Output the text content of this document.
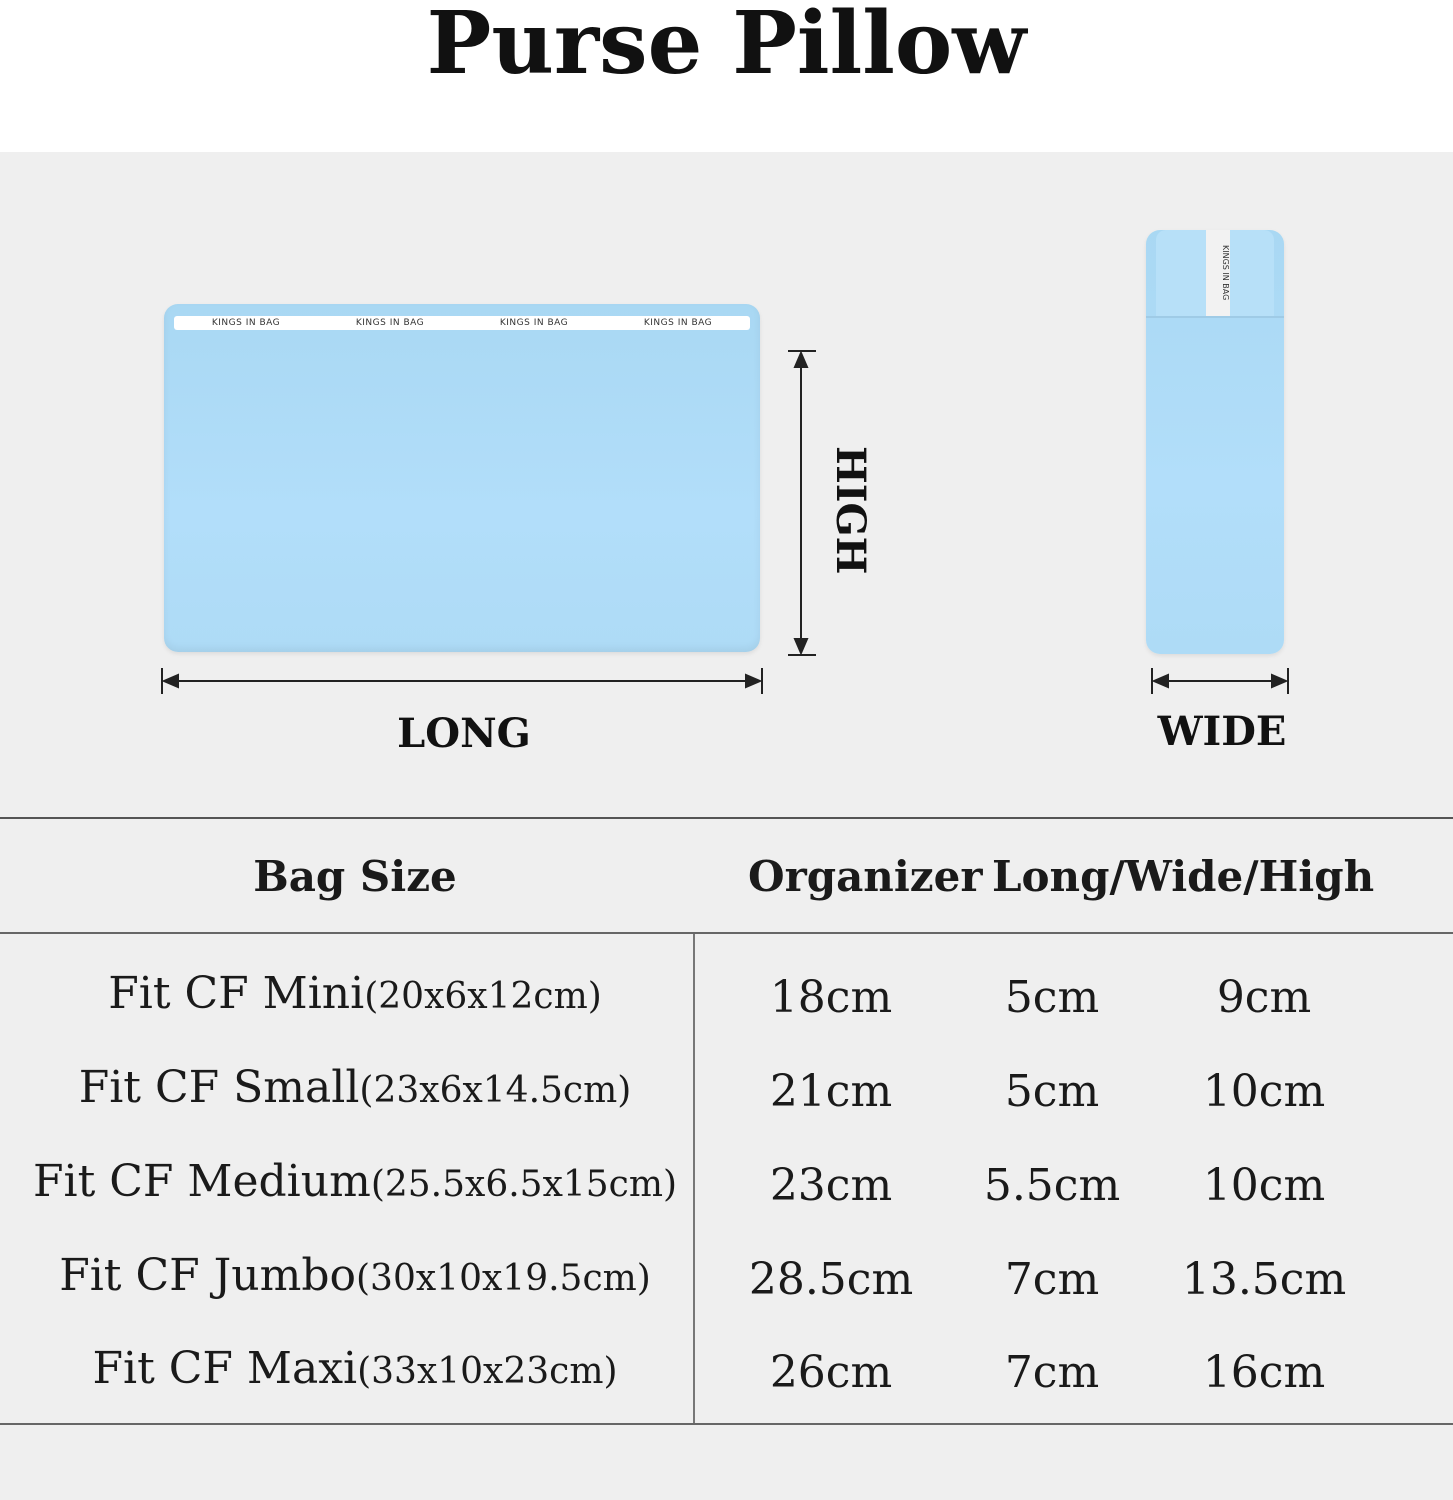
Purse Pillow
KINGS IN BAG	KINGS IN BAG	KINGS IN BAG	KINGS IN BAG
KINGS IN BAG
LONG	WIDE
HIGH
Bag Size	Organizer Long/Wide/High
Fit CF Mini(20x6x12cm)	18cm	5cm	9cm
Fit CF Small(23x6x14.5cm)	21cm	5cm	10cm
Fit CF Medium(25.5x6.5x15cm)	23cm	5.5cm	10cm
Fit CF Jumbo(30x10x19.5cm)	28.5cm	7cm	13.5cm
Fit CF Maxi(33x10x23cm)	26cm	7cm	16cm
